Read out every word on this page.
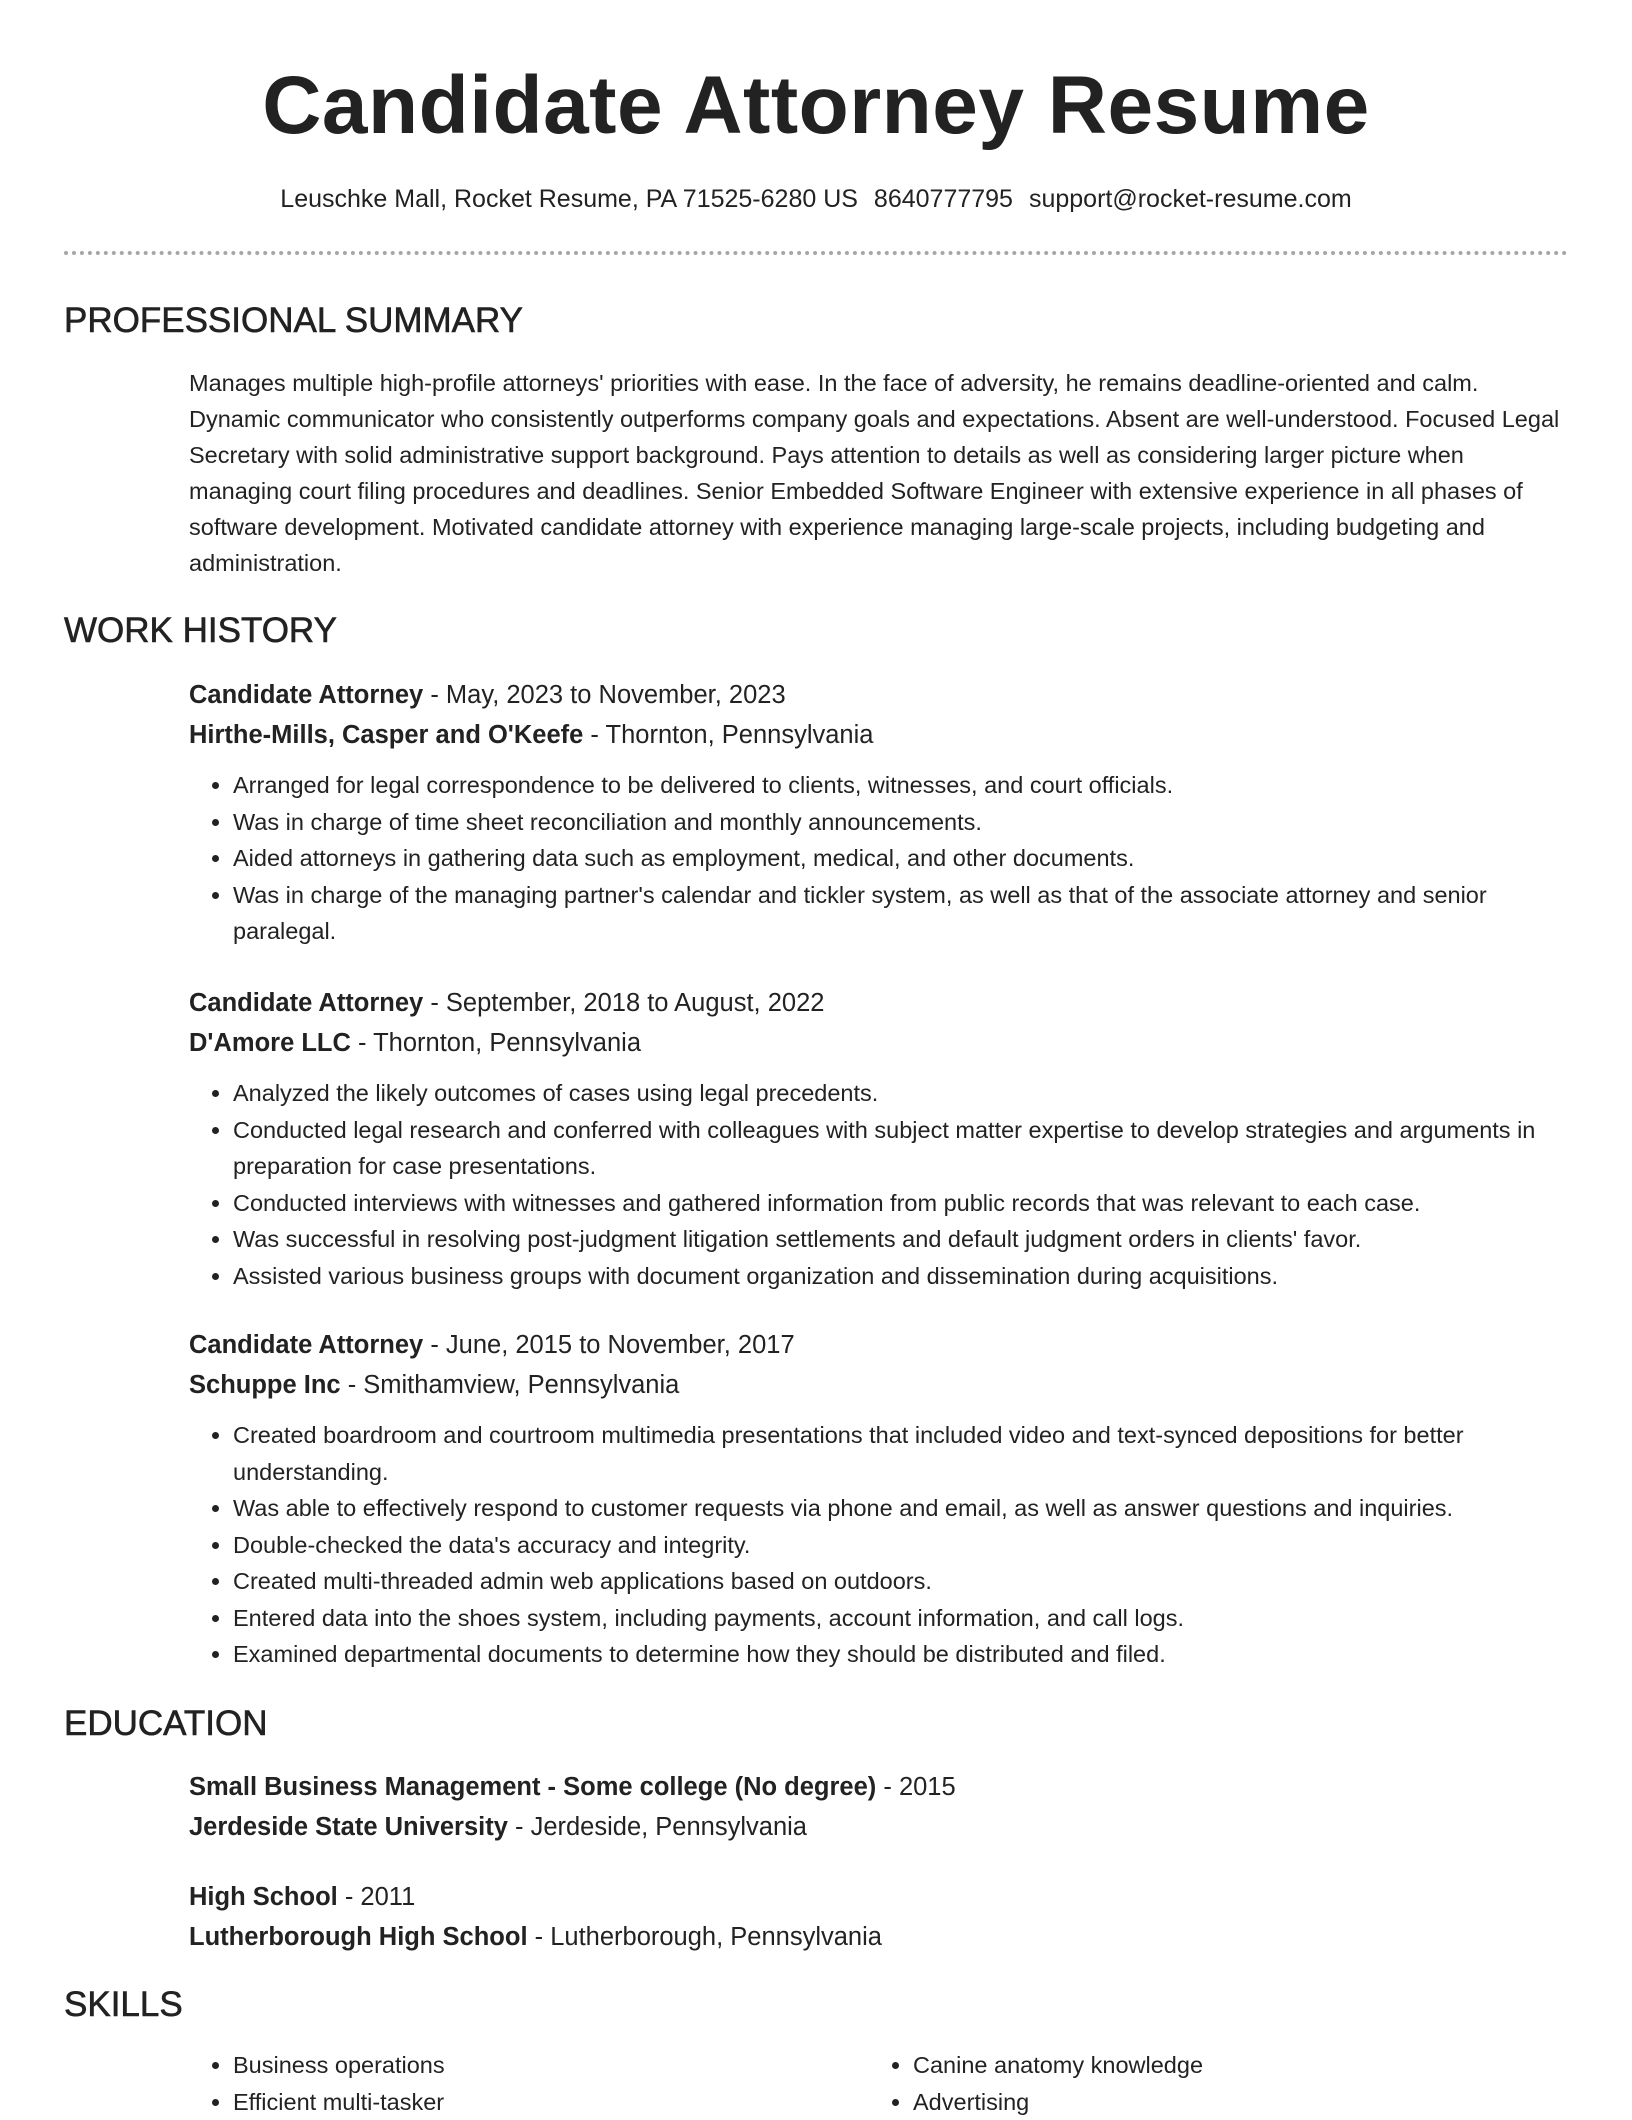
Candidate Attorney Resume
Leuschke Mall, Rocket Resume, PA 71525-6280 US 8640777795 support@rocket-resume.com
PROFESSIONAL SUMMARY
Manages multiple high-profile attorneys' priorities with ease. In the face of adversity, he remains deadline-oriented and calm. Dynamic communicator who consistently outperforms company goals and expectations. Absent are well-understood. Focused Legal Secretary with solid administrative support background. Pays attention to details as well as considering larger picture when managing court filing procedures and deadlines. Senior Embedded Software Engineer with extensive experience in all phases of software development. Motivated candidate attorney with experience managing large-scale projects, including budgeting and administration.
WORK HISTORY
Candidate Attorney - May, 2023 to November, 2023
Hirthe-Mills, Casper and O'Keefe - Thornton, Pennsylvania
• Arranged for legal correspondence to be delivered to clients, witnesses, and court officials.
• Was in charge of time sheet reconciliation and monthly announcements.
• Aided attorneys in gathering data such as employment, medical, and other documents.
• Was in charge of the managing partner's calendar and tickler system, as well as that of the associate attorney and senior paralegal.
Candidate Attorney - September, 2018 to August, 2022
D'Amore LLC - Thornton, Pennsylvania
• Analyzed the likely outcomes of cases using legal precedents.
• Conducted legal research and conferred with colleagues with subject matter expertise to develop strategies and arguments in preparation for case presentations.
• Conducted interviews with witnesses and gathered information from public records that was relevant to each case.
• Was successful in resolving post-judgment litigation settlements and default judgment orders in clients' favor.
• Assisted various business groups with document organization and dissemination during acquisitions.
Candidate Attorney - June, 2015 to November, 2017
Schuppe Inc - Smithamview, Pennsylvania
• Created boardroom and courtroom multimedia presentations that included video and text-synced depositions for better understanding.
• Was able to effectively respond to customer requests via phone and email, as well as answer questions and inquiries.
• Double-checked the data's accuracy and integrity.
• Created multi-threaded admin web applications based on outdoors.
• Entered data into the shoes system, including payments, account information, and call logs.
• Examined departmental documents to determine how they should be distributed and filed.
EDUCATION
Small Business Management - Some college (No degree) - 2015
Jerdeside State University - Jerdeside, Pennsylvania
High School - 2011
Lutherborough High School - Lutherborough, Pennsylvania
SKILLS
• Business operations
• Efficient multi-tasker
• Canine anatomy knowledge
• Advertising
